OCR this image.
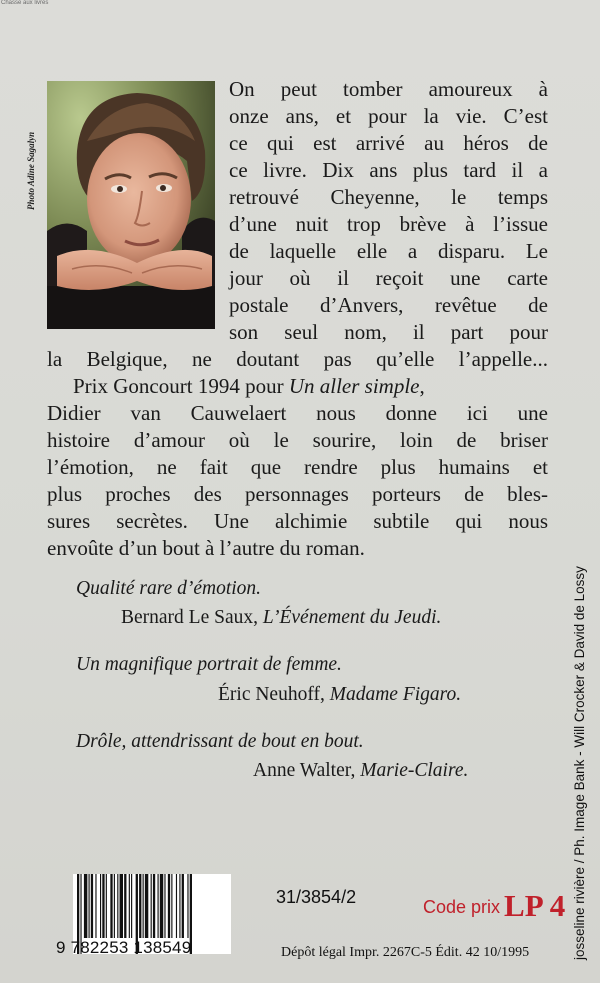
Chasse aux livres
Photo Adine Sagalyn
On peut tomber amoureux à
onze ans, et pour la vie. C’est
ce qui est arrivé au héros de
ce livre. Dix ans plus tard il a
retrouvé Cheyenne, le temps
d’une nuit trop brève à l’issue
de laquelle elle a disparu. Le
jour où il reçoit une carte
postale d’Anvers, revêtue de
son seul nom, il part pour
la Belgique, ne doutant pas qu’elle l’appelle...
Prix Goncourt 1994 pour Un aller simple,
Didier van Cauwelaert nous donne ici une
histoire d’amour où le sourire, loin de briser
l’émotion, ne fait que rendre plus humains et
plus proches des personnages porteurs de bles-
sures secrètes. Une alchimie subtile qui nous
envoûte d’un bout à l’autre du roman.
Qualité rare d’émotion.
Bernard Le Saux, L’Événement du Jeudi.
Un magnifique portrait de femme.
Éric Neuhoff, Madame Figaro.
Drôle, attendrissant de bout en bout.
Anne Walter, Marie-Claire.
9 782253 138549
31/3854/2	Code prix LP 4
Dépôt légal Impr. 2267C-5 Édit. 42 10/1995	josseline rivière / Ph. Image Bank - Will Crocker & David de Lossy
